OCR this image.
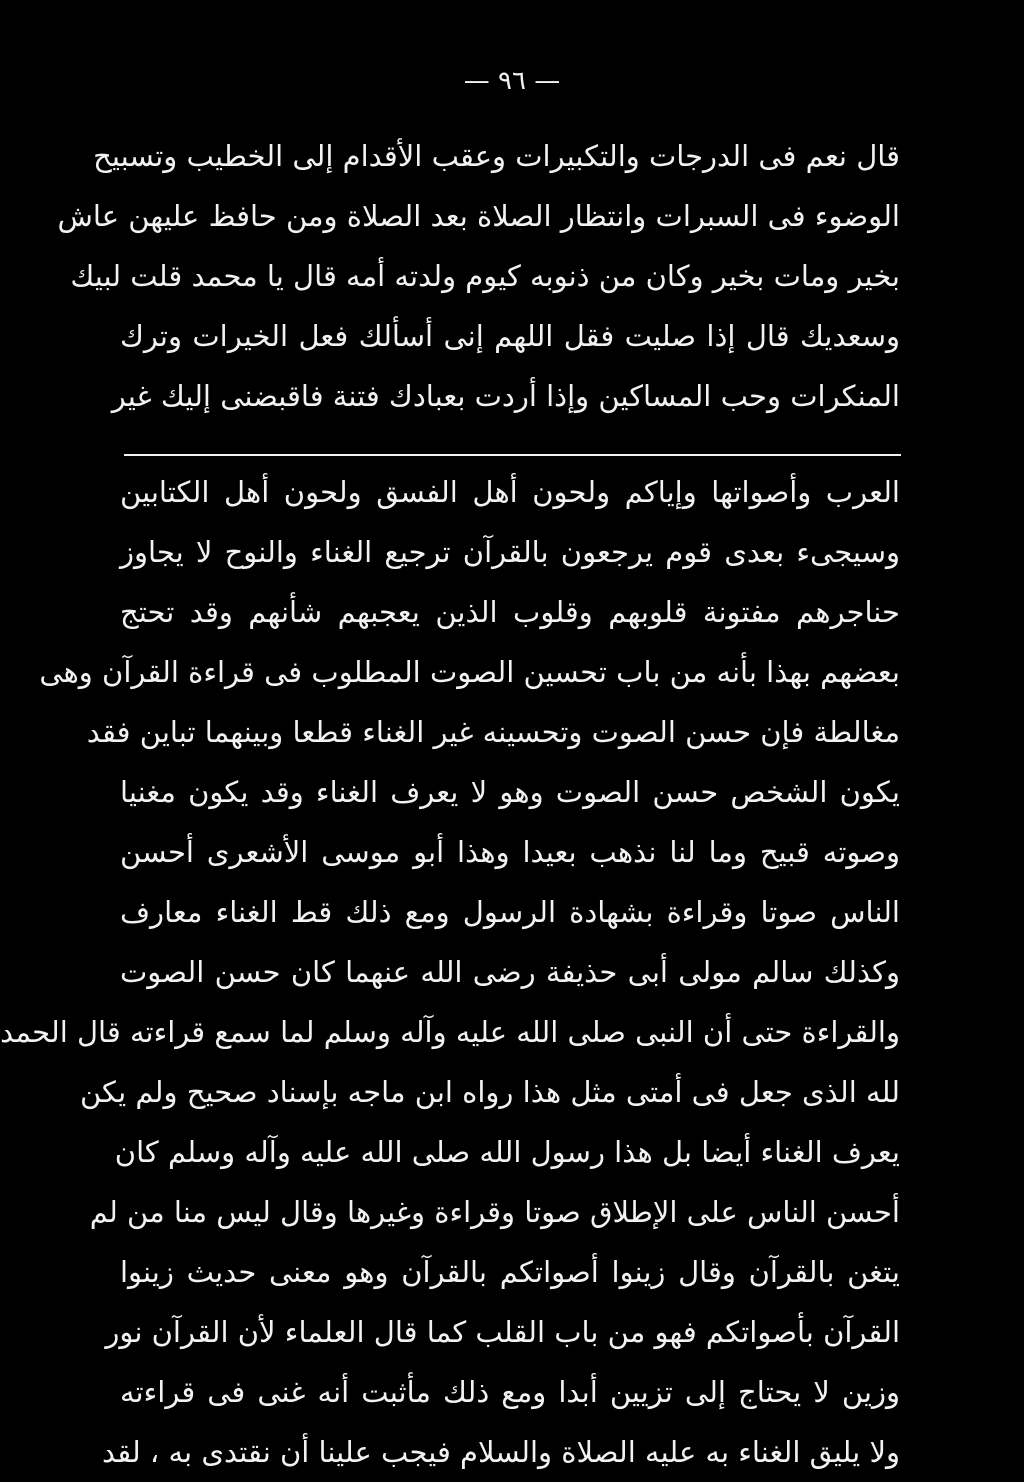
— ٩٦ —
قال نعم فى الدرجات والتكبيرات وعقب الأقدام إلى الخطيب وتسبيح
الوضوء فى السبرات وانتظار الصلاة بعد الصلاة ومن حافظ عليهن عاش
بخير ومات بخير وكان من ذنوبه كيوم ولدته أمه قال يا محمد قلت لبيك
وسعديك قال إذا صليت فقل اللهم إنى أسألك فعل الخيرات وترك
المنكرات وحب المساكين وإذا أردت بعبادك فتنة فاقبضنى إليك غير
العرب وأصواتها وإياكم ولحون أهل الفسق ولحون أهل الكتابين
وسيجىء بعدى قوم يرجعون بالقرآن ترجيع الغناء والنوح لا يجاوز
حناجرهم مفتونة قلوبهم وقلوب الذين يعجبهم شأنهم وقد تحتج
بعضهم بهذا بأنه من باب تحسين الصوت المطلوب فى قراءة القرآن وهى
مغالطة فإن حسن الصوت وتحسينه غير الغناء قطعا وبينهما تباين فقد
يكون الشخص حسن الصوت وهو لا يعرف الغناء وقد يكون مغنيا
وصوته قبيح وما لنا نذهب بعيدا وهذا أبو موسى الأشعرى أحسن
الناس صوتا وقراءة بشهادة الرسول ومع ذلك قط الغناء معارف
وكذلك سالم مولى أبى حذيفة رضى الله عنهما كان حسن الصوت
والقراءة حتى أن النبى صلى الله عليه وآله وسلم لما سمع قراءته قال الحمد
لله الذى جعل فى أمتى مثل هذا رواه ابن ماجه بإسناد صحيح ولم يكن
يعرف الغناء أيضا بل هذا رسول الله صلى الله عليه وآله وسلم كان
أحسن الناس على الإطلاق صوتا وقراءة وغيرها وقال ليس منا من لم
يتغن بالقرآن وقال زينوا أصواتكم بالقرآن وهو معنى حديث زينوا
القرآن بأصواتكم فهو من باب القلب كما قال العلماء لأن القرآن نور
وزين لا يحتاج إلى تزيين أبدا ومع ذلك مأثبت أنه غنى فى قراءته
ولا يليق الغناء به عليه الصلاة والسلام فيجب علينا أن نقتدى به ، لقد
